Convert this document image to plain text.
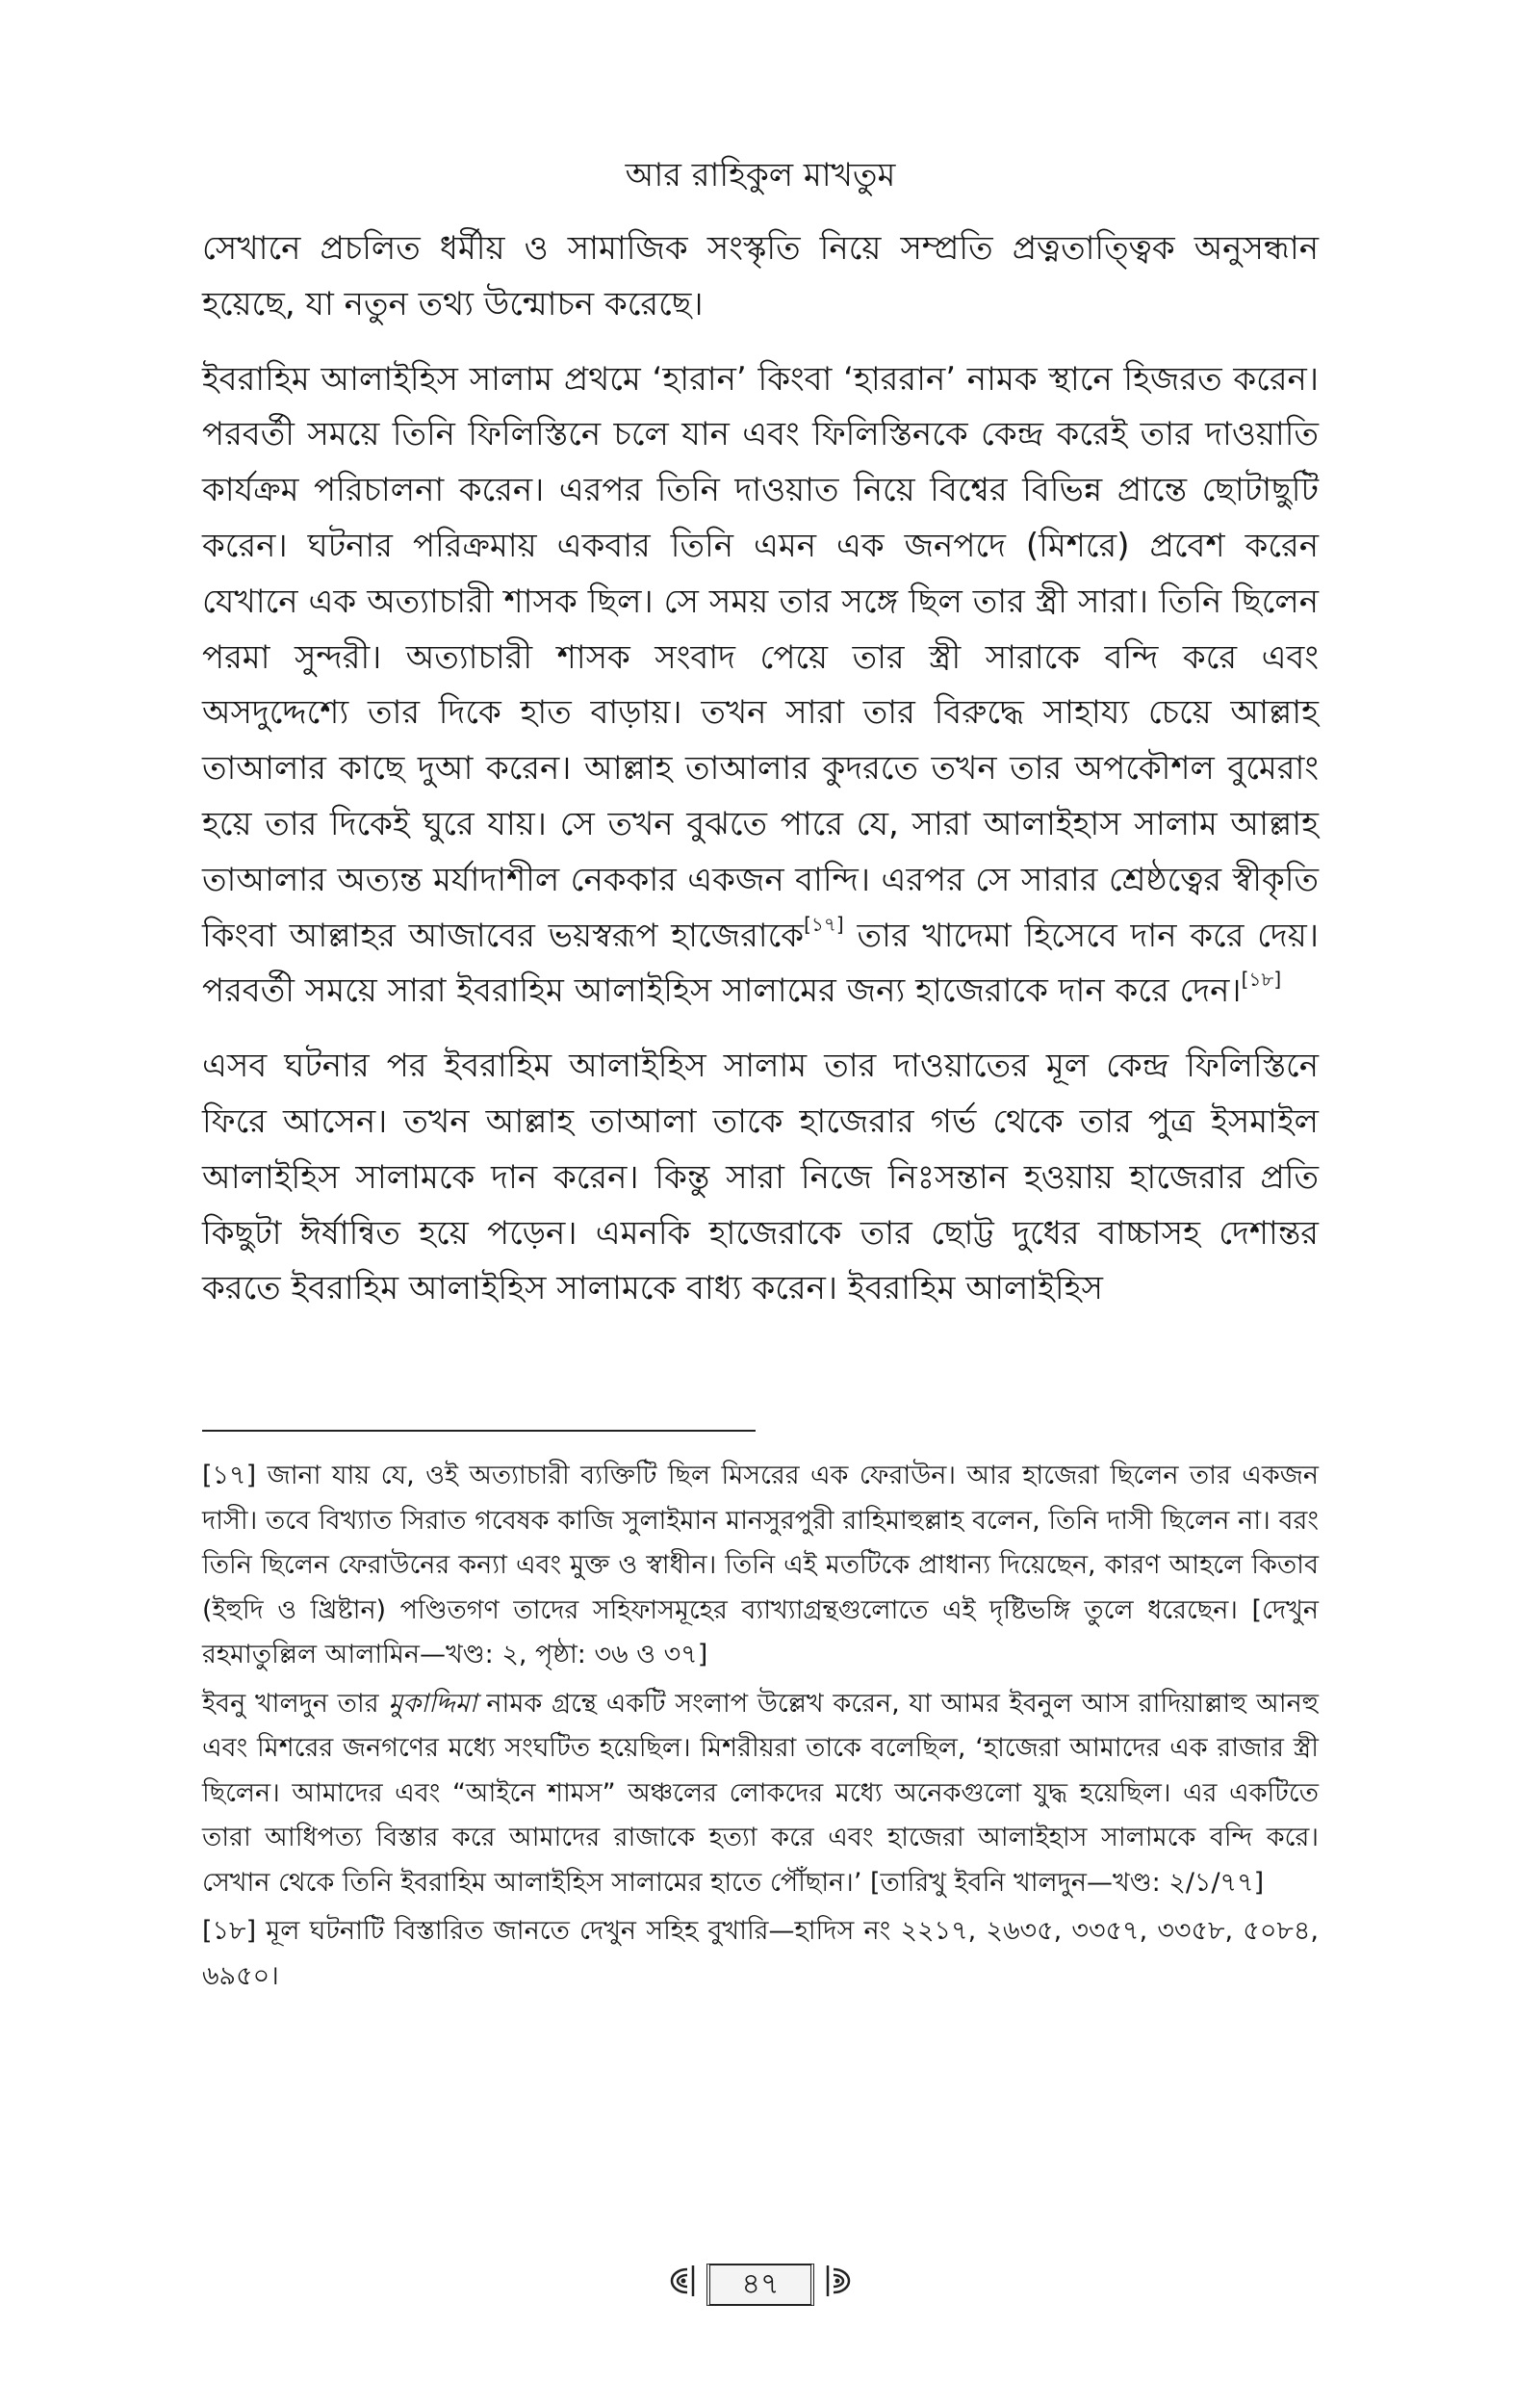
আর রাহিকুল মাখতুম

সেখানে প্রচলিত ধর্মীয় ও সামাজিক সংস্কৃতি নিয়ে সম্প্রতি প্রত্নতাত্ত্বিক অনুসন্ধান হয়েছে, যা নতুন তথ্য উন্মোচন করেছে।

ইবরাহিম আলাইহিস সালাম প্রথমে ‘হারান’ কিংবা ‘হাররান’ নামক স্থানে হিজরত করেন। পরবর্তী সময়ে তিনি ফিলিস্তিনে চলে যান এবং ফিলিস্তিনকে কেন্দ্র করেই তার দাওয়াতি কার্যক্রম পরিচালনা করেন। এরপর তিনি দাওয়াত নিয়ে বিশ্বের বিভিন্ন প্রান্তে ছোটাছুটি করেন। ঘটনার পরিক্রমায় একবার তিনি এমন এক জনপদে (মিশরে) প্রবেশ করেন যেখানে এক অত্যাচারী শাসক ছিল। সে সময় তার সঙ্গে ছিল তার স্ত্রী সারা। তিনি ছিলেন পরমা সুন্দরী। অত্যাচারী শাসক সংবাদ পেয়ে তার স্ত্রী সারাকে বন্দি করে এবং অসদুদ্দেশ্যে তার দিকে হাত বাড়ায়। তখন সারা তার বিরুদ্ধে সাহায্য চেয়ে আল্লাহ তাআলার কাছে দুআ করেন। আল্লাহ তাআলার কুদরতে তখন তার অপকৌশল বুমেরাং হয়ে তার দিকেই ঘুরে যায়। সে তখন বুঝতে পারে যে, সারা আলাইহাস সালাম আল্লাহ তাআলার অত্যন্ত মর্যাদাশীল নেককার একজন বান্দি। এরপর সে সারার শ্রেষ্ঠত্বের স্বীকৃতি কিংবা আল্লাহর আজাবের ভয়স্বরূপ হাজেরাকে[১৭] তার খাদেমা হিসেবে দান করে দেয়। পরবর্তী সময়ে সারা ইবরাহিম আলাইহিস সালামের জন্য হাজেরাকে দান করে দেন।[১৮]

এসব ঘটনার পর ইবরাহিম আলাইহিস সালাম তার দাওয়াতের মূল কেন্দ্র ফিলিস্তিনে ফিরে আসেন। তখন আল্লাহ তাআলা তাকে হাজেরার গর্ভ থেকে তার পুত্র ইসমাইল আলাইহিস সালামকে দান করেন। কিন্তু সারা নিজে নিঃসন্তান হওয়ায় হাজেরার প্রতি কিছুটা ঈর্ষান্বিত হয়ে পড়েন। এমনকি হাজেরাকে তার ছোট্ট দুধের বাচ্চাসহ দেশান্তর করতে ইবরাহিম আলাইহিস সালামকে বাধ্য করেন। ইবরাহিম আলাইহিস

[১৭] জানা যায় যে, ওই অত্যাচারী ব্যক্তিটি ছিল মিসরের এক ফেরাউন। আর হাজেরা ছিলেন তার একজন দাসী। তবে বিখ্যাত সিরাত গবেষক কাজি সুলাইমান মানসুরপুরী রাহিমাহুল্লাহ বলেন, তিনি দাসী ছিলেন না। বরং তিনি ছিলেন ফেরাউনের কন্যা এবং মুক্ত ও স্বাধীন। তিনি এই মতটিকে প্রাধান্য দিয়েছেন, কারণ আহলে কিতাব (ইহুদি ও খ্রিষ্টান) পণ্ডিতগণ তাদের সহিফাসমূহের ব্যাখ্যাগ্রন্থগুলোতে এই দৃষ্টিভঙ্গি তুলে ধরেছেন। [দেখুন রহমাতুল্লিল আলামিন—খণ্ড: ২, পৃষ্ঠা: ৩৬ ও ৩৭]

ইবনু খালদুন তার মুকাদ্দিমা নামক গ্রন্থে একটি সংলাপ উল্লেখ করেন, যা আমর ইবনুল আস রাদিয়াল্লাহু আনহু এবং মিশরের জনগণের মধ্যে সংঘটিত হয়েছিল। মিশরীয়রা তাকে বলেছিল, ‘হাজেরা আমাদের এক রাজার স্ত্রী ছিলেন। আমাদের এবং “আইনে শামস” অঞ্চলের লোকদের মধ্যে অনেকগুলো যুদ্ধ হয়েছিল। এর একটিতে তারা আধিপত্য বিস্তার করে আমাদের রাজাকে হত্যা করে এবং হাজেরা আলাইহাস সালামকে বন্দি করে। সেখান থেকে তিনি ইবরাহিম আলাইহিস সালামের হাতে পৌঁছান।’ [তারিখু ইবনি খালদুন—খণ্ড: ২/১/৭৭]

[১৮] মূল ঘটনাটি বিস্তারিত জানতে দেখুন সহিহ বুখারি—হাদিস নং ২২১৭, ২৬৩৫, ৩৩৫৭, ৩৩৫৮, ৫০৮৪, ৬৯৫০।

৪৭
